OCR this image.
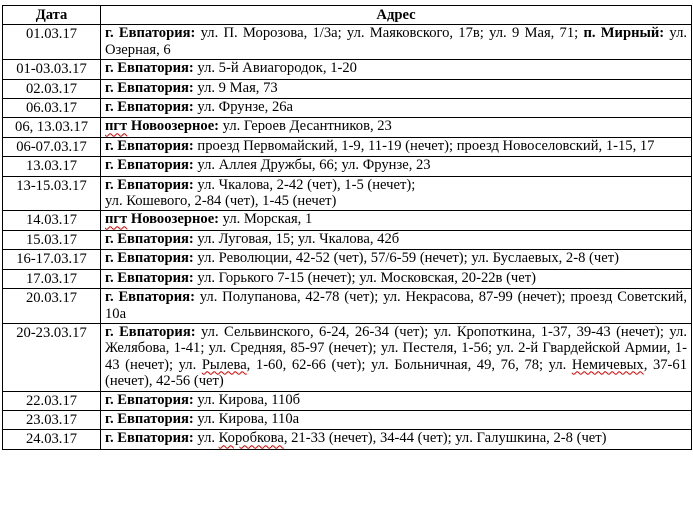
Дата	Адрес
01.03.17	г. Евпатория: ул. П. Морозова, 1/3а; ул. Маяковского, 17в; ул. 9 Мая, 71; п. Мирный: ул. Озерная, 6
01-03.03.17	г. Евпатория: ул. 5-й Авиагородок, 1-20
02.03.17	г. Евпатория: ул. 9 Мая, 73
06.03.17	г. Евпатория: ул. Фрунзе, 26а
06, 13.03.17	пгт Новоозерное: ул. Героев Десантников, 23
06-07.03.17	г. Евпатория: проезд Первомайский, 1-9, 11-19 (нечет); проезд Новоселовский, 1-15, 17
13.03.17	г. Евпатория: ул. Аллея Дружбы, 66; ул. Фрунзе, 23
13-15.03.17	г. Евпатория: ул. Чкалова, 2-42 (чет), 1-5 (нечет);
ул. Кошевого, 2-84 (чет), 1-45 (нечет)
14.03.17	пгт Новоозерное: ул. Морская, 1
15.03.17	г. Евпатория: ул. Луговая, 15; ул. Чкалова, 42б
16-17.03.17	г. Евпатория: ул. Революции, 42-52 (чет), 57/6-59 (нечет); ул. Буслаевых, 2-8 (чет)
17.03.17	г. Евпатория: ул. Горького 7-15 (нечет); ул. Московская, 20-22в (чет)
20.03.17	г. Евпатория: ул. Полупанова, 42-78 (чет); ул. Некрасова, 87-99 (нечет); проезд Советский, 10а
20-23.03.17	г. Евпатория: ул. Сельвинского, 6-24, 26-34 (чет); ул. Кропоткина, 1-37, 39-43 (нечет); ул. Желябова, 1-41; ул. Средняя, 85-97 (нечет); ул. Пестеля, 1-56; ул. 2-й Гвардейской Армии, 1-43 (нечет); ул. Рылева, 1-60, 62-66 (чет); ул. Больничная, 49, 76, 78; ул. Немичевых, 37-61 (нечет), 42-56 (чет)
22.03.17	г. Евпатория: ул. Кирова, 110б
23.03.17	г. Евпатория: ул. Кирова, 110а
24.03.17	г. Евпатория: ул. Коробкова, 21-33 (нечет), 34-44 (чет); ул. Галушкина, 2-8 (чет)
